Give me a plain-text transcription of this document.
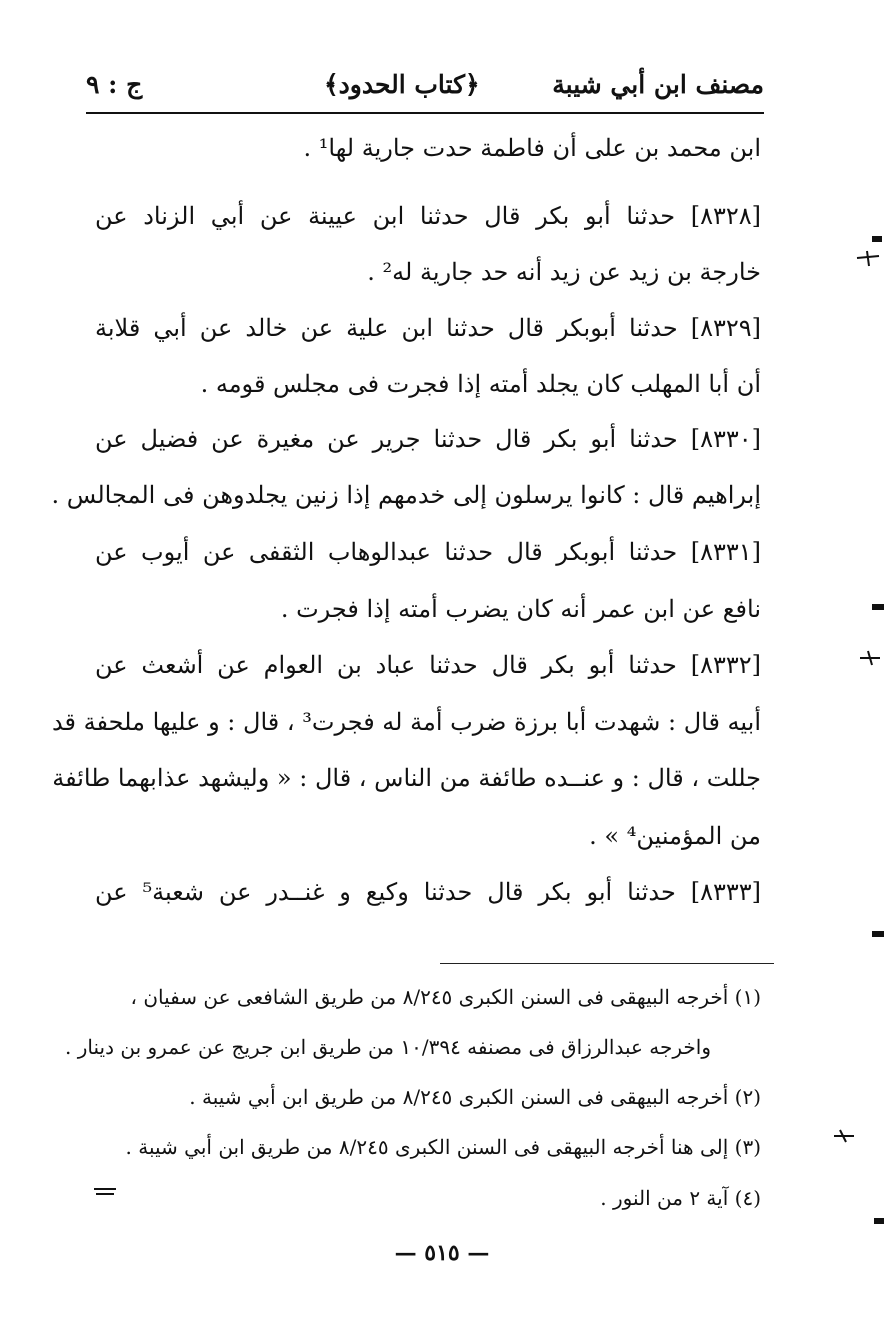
مصنف ابن أبي شيبة
﴿كتاب الحدود﴾
ج : ٩
ابن محمد بن على أن فاطمة حدت جارية لها¹ .
[٨٣٢٨] حدثنا أبو بكر قال حدثنا ابن عيينة عن أبي الزناد عن
خارجة بن زيد عن زيد أنه حد جارية له² .
[٨٣٢٩] حدثنا أبوبكر قال حدثنا ابن علية عن خالد عن أبي قلابة
أن أبا المهلب كان يجلد أمته إذا فجرت فى مجلس قومه .
[٨٣٣٠] حدثنا أبو بكر قال حدثنا جرير عن مغيرة عن فضيل عن
إبراهيم قال : كانوا يرسلون إلى خدمهم إذا زنين يجلدوهن فى المجالس .
[٨٣٣١] حدثنا أبوبكر قال حدثنا عبدالوهاب الثقفى عن أيوب عن
نافع عن ابن عمر أنه كان يضرب أمته إذا فجرت .
[٨٣٣٢] حدثنا أبو بكر قال حدثنا عباد بن العوام عن أشعث عن
أبيه قال : شهدت أبا برزة ضرب أمة له فجرت³ ، قال : و عليها ملحفة قد
جللت ، قال : و عنــده طائفة من الناس ، قال : « وليشهد عذابهما طائفة
من المؤمنين⁴ » .
[٨٣٣٣] حدثنا أبو بكر قال حدثنا وكيع و غنــدر عن شعبة⁵ عن
(١) أخرجه البيهقى فى السنن الكبرى ٨/٢٤٥ من طريق الشافعى عن سفيان ،
واخرجه عبدالرزاق فى مصنفه ١٠/٣٩٤ من طريق ابن جريج عن عمرو بن دينار .
(٢) أخرجه البيهقى فى السنن الكبرى ٨/٢٤٥ من طريق ابن أبي شيبة .
(٣) إلى هنا أخرجه البيهقى فى السنن الكبرى ٨/٢٤٥ من طريق ابن أبي شيبة .
(٤) آية ٢ من النور .
— ٥١٥ —
